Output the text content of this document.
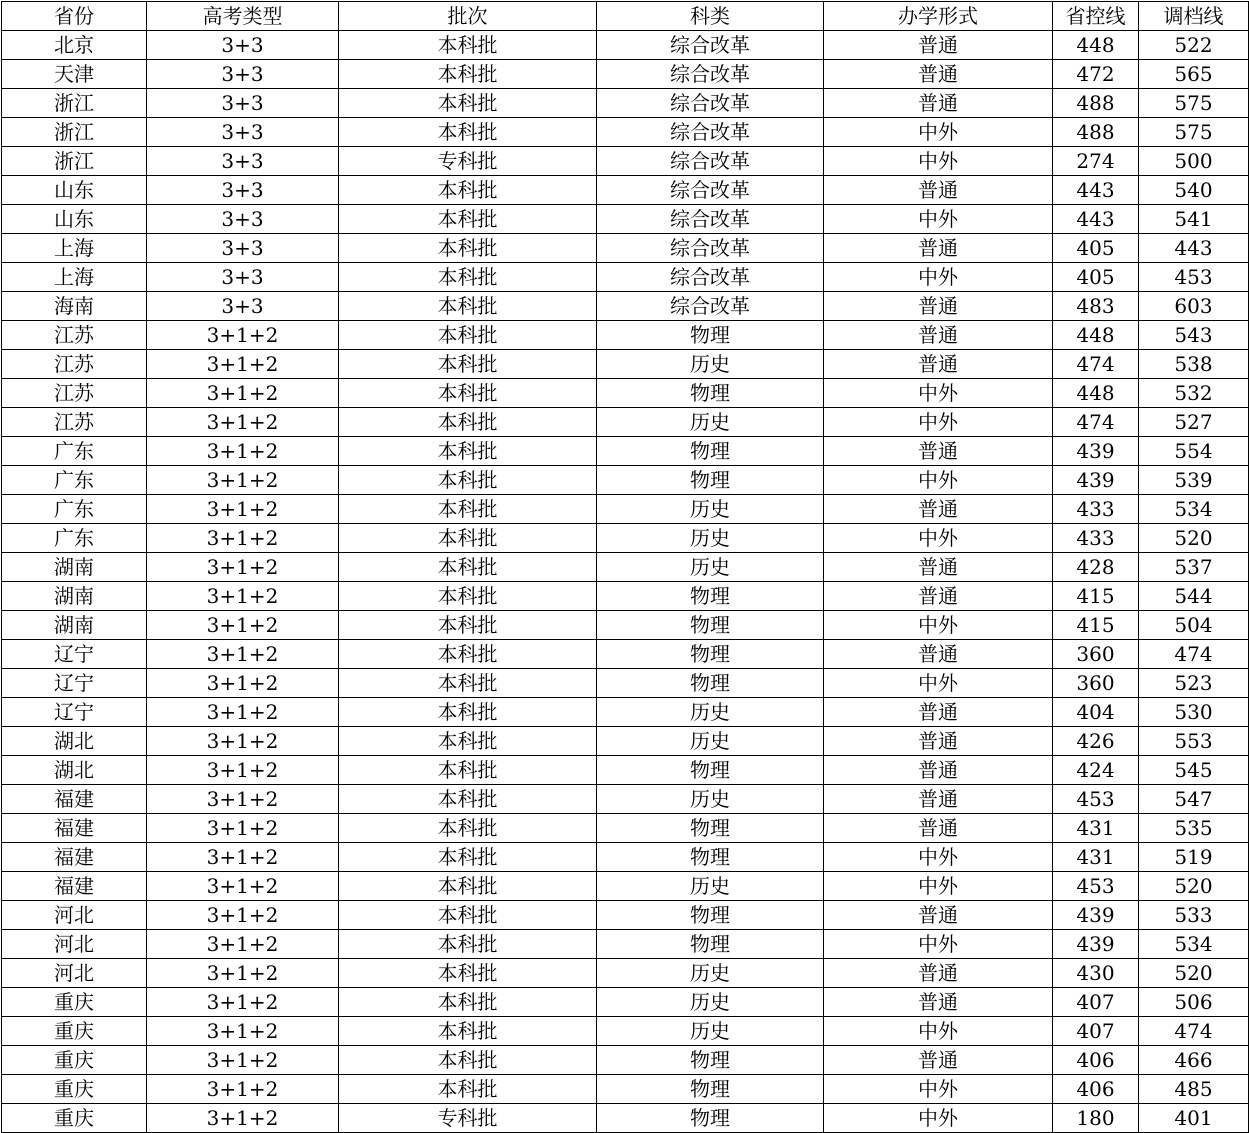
省份	高考类型	批次	科类	办学形式	省控线	调档线
北京	3+3	本科批	综合改革	普通	448	522
天津	3+3	本科批	综合改革	普通	472	565
浙江	3+3	本科批	综合改革	普通	488	575
浙江	3+3	本科批	综合改革	中外	488	575
浙江	3+3	专科批	综合改革	中外	274	500
山东	3+3	本科批	综合改革	普通	443	540
山东	3+3	本科批	综合改革	中外	443	541
上海	3+3	本科批	综合改革	普通	405	443
上海	3+3	本科批	综合改革	中外	405	453
海南	3+3	本科批	综合改革	普通	483	603
江苏	3+1+2	本科批	物理	普通	448	543
江苏	3+1+2	本科批	历史	普通	474	538
江苏	3+1+2	本科批	物理	中外	448	532
江苏	3+1+2	本科批	历史	中外	474	527
广东	3+1+2	本科批	物理	普通	439	554
广东	3+1+2	本科批	物理	中外	439	539
广东	3+1+2	本科批	历史	普通	433	534
广东	3+1+2	本科批	历史	中外	433	520
湖南	3+1+2	本科批	历史	普通	428	537
湖南	3+1+2	本科批	物理	普通	415	544
湖南	3+1+2	本科批	物理	中外	415	504
辽宁	3+1+2	本科批	物理	普通	360	474
辽宁	3+1+2	本科批	物理	中外	360	523
辽宁	3+1+2	本科批	历史	普通	404	530
湖北	3+1+2	本科批	历史	普通	426	553
湖北	3+1+2	本科批	物理	普通	424	545
福建	3+1+2	本科批	历史	普通	453	547
福建	3+1+2	本科批	物理	普通	431	535
福建	3+1+2	本科批	物理	中外	431	519
福建	3+1+2	本科批	历史	中外	453	520
河北	3+1+2	本科批	物理	普通	439	533
河北	3+1+2	本科批	物理	中外	439	534
河北	3+1+2	本科批	历史	普通	430	520
重庆	3+1+2	本科批	历史	普通	407	506
重庆	3+1+2	本科批	历史	中外	407	474
重庆	3+1+2	本科批	物理	普通	406	466
重庆	3+1+2	本科批	物理	中外	406	485
重庆	3+1+2	专科批	物理	中外	180	401
